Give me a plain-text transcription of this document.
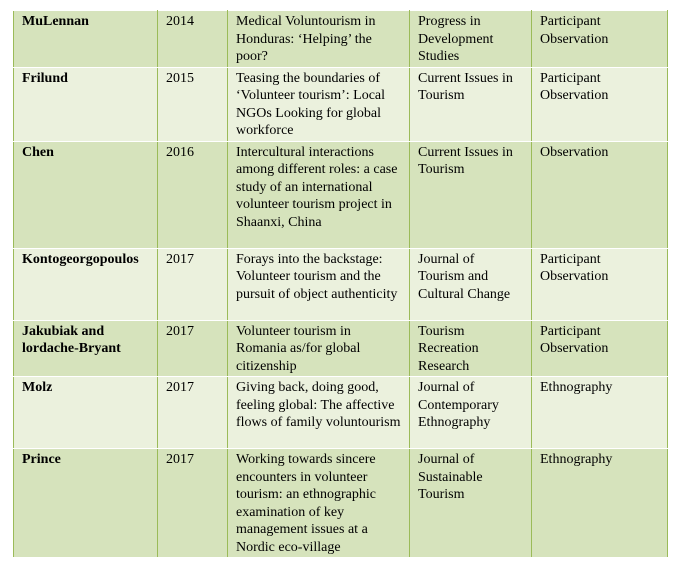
MuLennan	2014	Medical Voluntourism in Honduras: ‘Helping’ the poor?	Progress in Development Studies	Participant Observation
Frilund	2015	Teasing the boundaries of ‘Volunteer tourism’: Local NGOs Looking for global workforce	Current Issues in Tourism	Participant Observation
Chen	2016	Intercultural interactions among different roles: a case study of an international volunteer tourism project in Shaanxi, China	Current Issues in Tourism	Observation
Kontogeorgopoulos	2017	Forays into the backstage: Volunteer tourism and the pursuit of object authenticity	Journal of Tourism and Cultural Change	Participant Observation
Jakubiak and lordache-Bryant	2017	Volunteer tourism in Romania as/for global citizenship	Tourism Recreation Research	Participant Observation
Molz	2017	Giving back, doing good, feeling global: The affective flows of family voluntourism	Journal of Contemporary Ethnography	Ethnography
Prince	2017	Working towards sincere encounters in volunteer tourism: an ethnographic examination of key management issues at a Nordic eco-village	Journal of Sustainable Tourism	Ethnography
